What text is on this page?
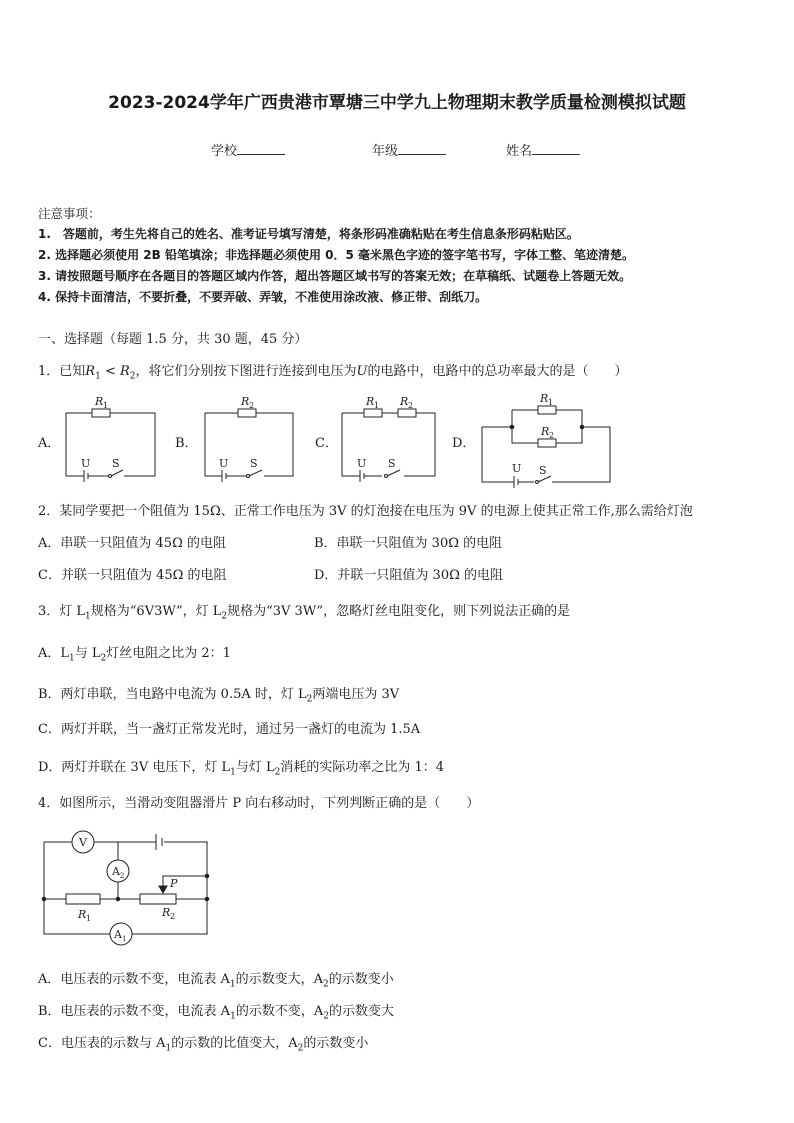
2023-2024学年广西贵港市覃塘三中学九上物理期末教学质量检测模拟试题
学校	年级	姓名
注意事项：
1.　答题前，考生先将自己的姓名、准考证号填写清楚，将条形码准确粘贴在考生信息条形码粘贴区。
2. 选择题必须使用 2B 铅笔填涂；非选择题必须使用 0．5 毫米黑色字迹的签字笔书写，字体工整、笔迹清楚。
3. 请按照题号顺序在各题目的答题区域内作答，超出答题区域书写的答案无效；在草稿纸、试题卷上答题无效。
4. 保持卡面清洁，不要折叠，不要弄破、弄皱，不准使用涂改液、修正带、刮纸刀。
一、选择题（每题 1.5 分，共 30 题，45 分）
1．已知$R_1 < R_2$，将它们分别按下图进行连接到电压为U的电路中，电路中的总功率最大的是（　　）
A．	B．	C．	D．
R 1
U S
R 2
U S
R 1 R 2
U S
R 1
R 2
U S
2．某同学要把一个阻值为 15Ω、正常工作电压为 3V 的灯泡接在电压为 9V 的电源上使其正常工作,那么需给灯泡
A．串联一只阻值为 45Ω 的电阻	B．串联一只阻值为 30Ω 的电阻
C．并联一只阻值为 45Ω 的电阻	D．并联一只阻值为 30Ω 的电阻
3．灯 $L_1$规格为“6V3W”，灯 $L_2$规格为“3V 3W”，忽略灯丝电阻变化，则下列说法正确的是
A．$L_1$与 $L_2$灯丝电阻之比为 2：1
B．两灯串联，当电路中电流为 0.5A 时，灯 $L_2$两端电压为 3V
C．两灯并联，当一盏灯正常发光时，通过另一盏灯的电流为 1.5A
D．两灯并联在 3V 电压下，灯 $L_1$与灯 $L_2$消耗的实际功率之比为 1：4
4．如图所示，当滑动变阻器滑片 P 向右移动时，下列判断正确的是（　　）
V
A 2
A 1
P
R 1	R 2
A．电压表的示数不变，电流表 $A_1$的示数变大，$A_2$的示数变小
B．电压表的示数不变，电流表 $A_1$的示数不变，$A_2$的示数变大
C．电压表的示数与 $A_1$的示数的比值变大，$A_2$的示数变小
